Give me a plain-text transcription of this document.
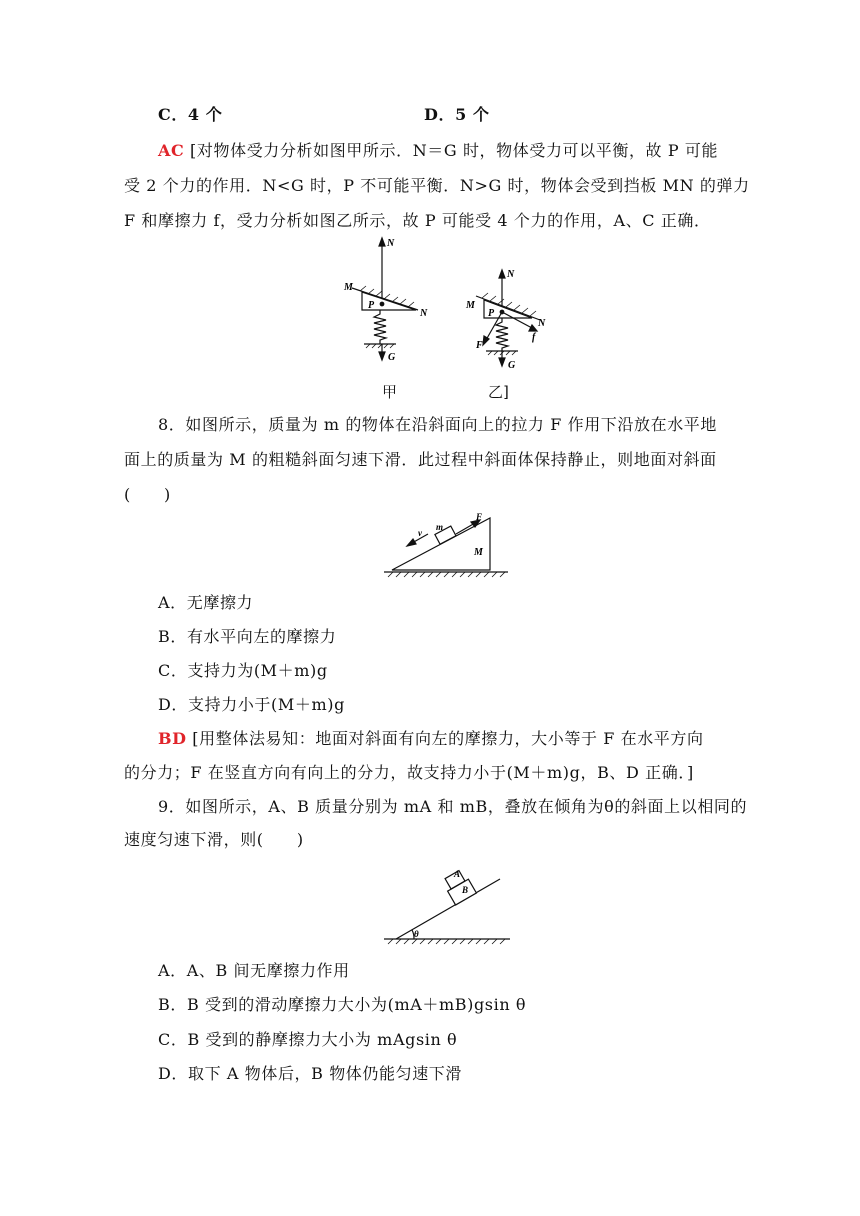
C．4 个	D．5 个
AC [对物体受力分析如图甲所示．N＝G 时，物体受力可以平衡，故 P 可能
受 2 个力的作用．N<G 时，P 不可能平衡．N>G 时，物体会受到挡板 MN 的弹力
F 和摩擦力 f，受力分析如图乙所示，故 P 可能受 4 个力的作用，A、C 正确．
N
M
P
N
G
N
M
P
N
F
f
G
甲	乙]
8．如图所示，质量为 m 的物体在沿斜面向上的拉力 F 作用下沿放在水平地
面上的质量为 M 的粗糙斜面匀速下滑．此过程中斜面体保持静止，则地面对斜面
(　　)
v
m
F
M
A．无摩擦力
B．有水平向左的摩擦力
C．支持力为(M＋m)g
D．支持力小于(M＋m)g
BD [用整体法易知：地面对斜面有向左的摩擦力，大小等于 F 在水平方向
的分力；F 在竖直方向有向上的分力，故支持力小于(M＋m)g，B、D 正确．]
9．如图所示，A、B 质量分别为 mA 和 mB，叠放在倾角为θ的斜面上以相同的
速度匀速下滑，则(　　)
A
B
θ
A．A、B 间无摩擦力作用
B．B 受到的滑动摩擦力大小为(mA＋mB)gsin θ
C．B 受到的静摩擦力大小为 mAgsin θ
D．取下 A 物体后，B 物体仍能匀速下滑
